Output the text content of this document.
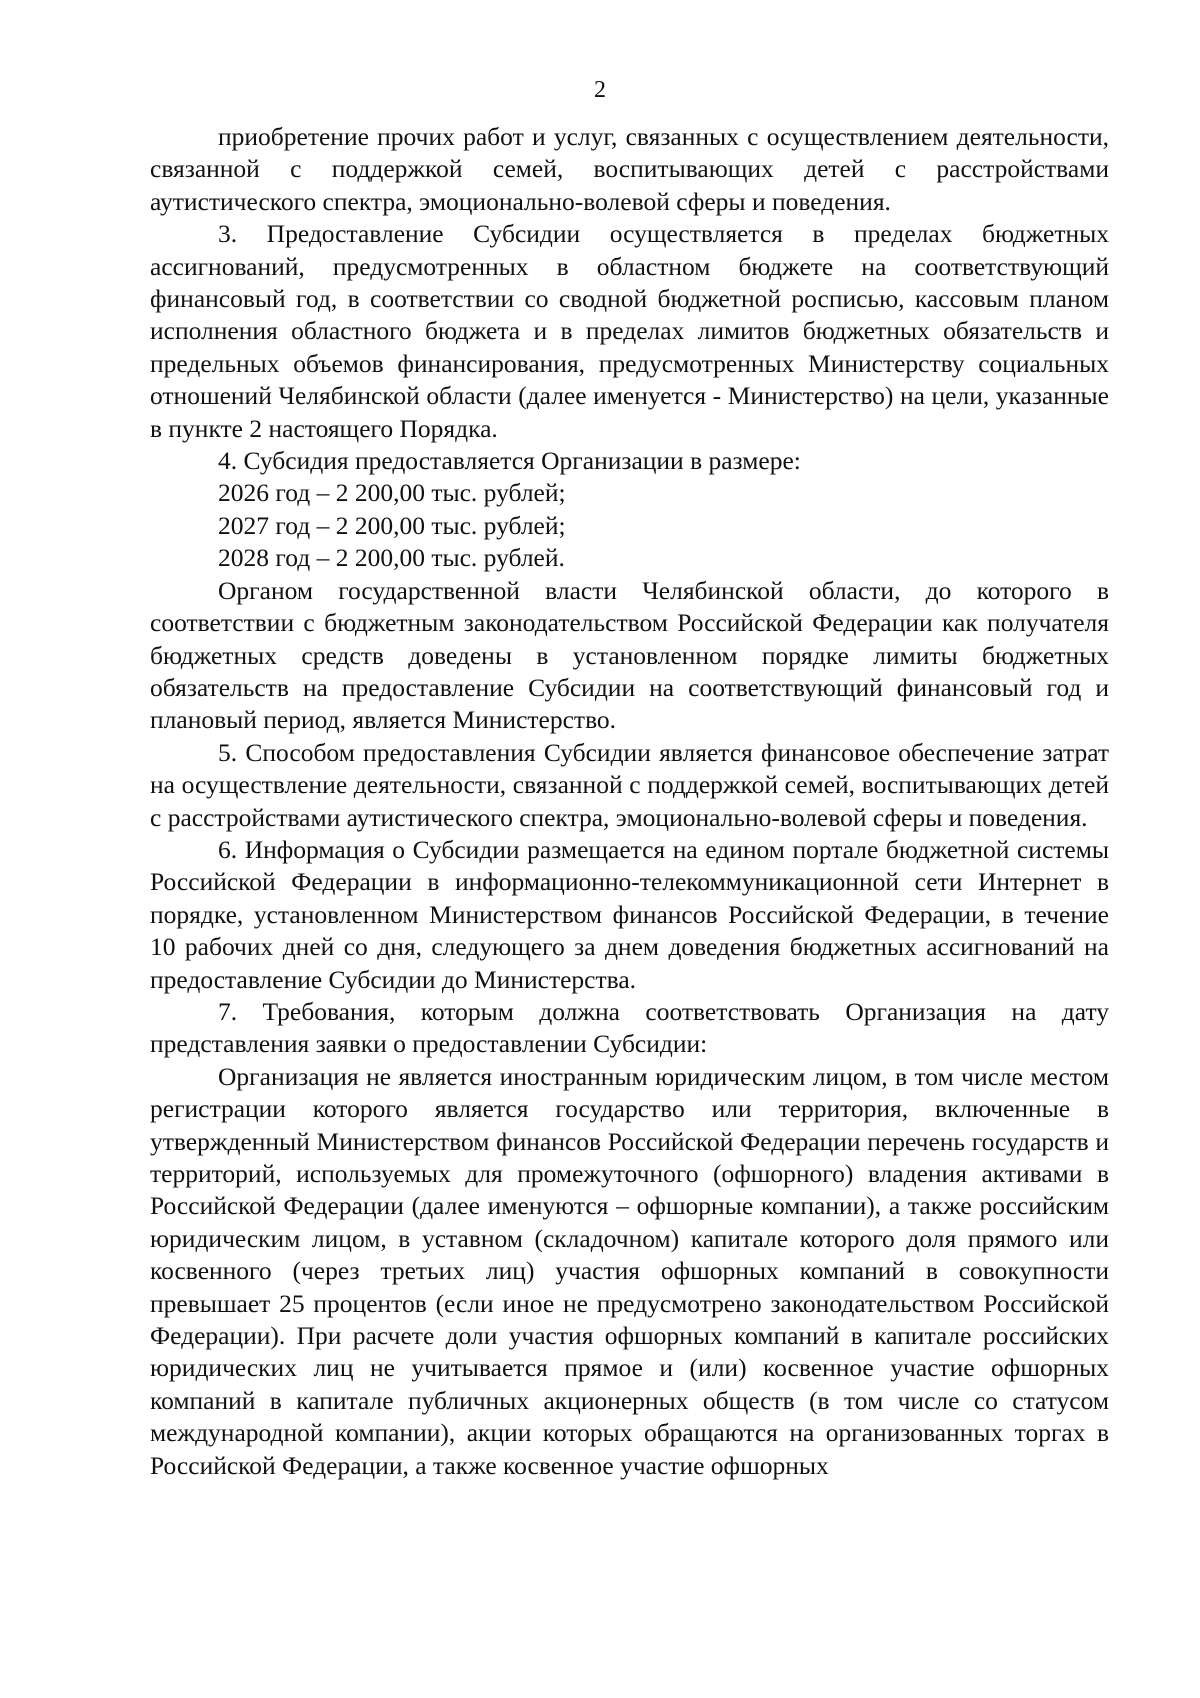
2

приобретение прочих работ и услуг, связанных с осуществлением деятельности, связанной с поддержкой семей, воспитывающих детей с расстройствами аутистического спектра, эмоционально-волевой сферы и поведения.

3. Предоставление Субсидии осуществляется в пределах бюджетных ассигнований, предусмотренных в областном бюджете на соответствующий финансовый год, в соответствии со сводной бюджетной росписью, кассовым планом исполнения областного бюджета и в пределах лимитов бюджетных обязательств и предельных объемов финансирования, предусмотренных Министерству социальных отношений Челябинской области (далее именуется - Министерство) на цели, указанные в пункте 2 настоящего Порядка.

4. Субсидия предоставляется Организации в размере:

2026 год – 2 200,00 тыс. рублей;

2027 год – 2 200,00 тыс. рублей;

2028 год – 2 200,00 тыс. рублей.

Органом государственной власти Челябинской области, до которого в соответствии с бюджетным законодательством Российской Федерации как получателя бюджетных средств доведены в установленном порядке лимиты бюджетных обязательств на предоставление Субсидии на соответствующий финансовый год и плановый период, является Министерство.

5. Способом предоставления Субсидии является финансовое обеспечение затрат на осуществление деятельности, связанной с поддержкой семей, воспитывающих детей с расстройствами аутистического спектра, эмоционально-волевой сферы и поведения.

6. Информация о Субсидии размещается на едином портале бюджетной системы Российской Федерации в информационно-телекоммуникационной сети Интернет в порядке, установленном Министерством финансов Российской Федерации, в течение 10 рабочих дней со дня, следующего за днем доведения бюджетных ассигнований на предоставление Субсидии до Министерства.

7. Требования, которым должна соответствовать Организация на дату представления заявки о предоставлении Субсидии:

Организация не является иностранным юридическим лицом, в том числе местом регистрации которого является государство или территория, включенные в утвержденный Министерством финансов Российской Федерации перечень государств и территорий, используемых для промежуточного (офшорного) владения активами в Российской Федерации (далее именуются – офшорные компании), а также российским юридическим лицом, в уставном (складочном) капитале которого доля прямого или косвенного (через третьих лиц) участия офшорных компаний в совокупности превышает 25 процентов (если иное не предусмотрено законодательством Российской Федерации). При расчете доли участия офшорных компаний в капитале российских юридических лиц не учитывается прямое и (или) косвенное участие офшорных компаний в капитале публичных акционерных обществ (в том числе со статусом международной компании), акции которых обращаются на организованных торгах в Российской Федерации, а также косвенное участие офшорных
